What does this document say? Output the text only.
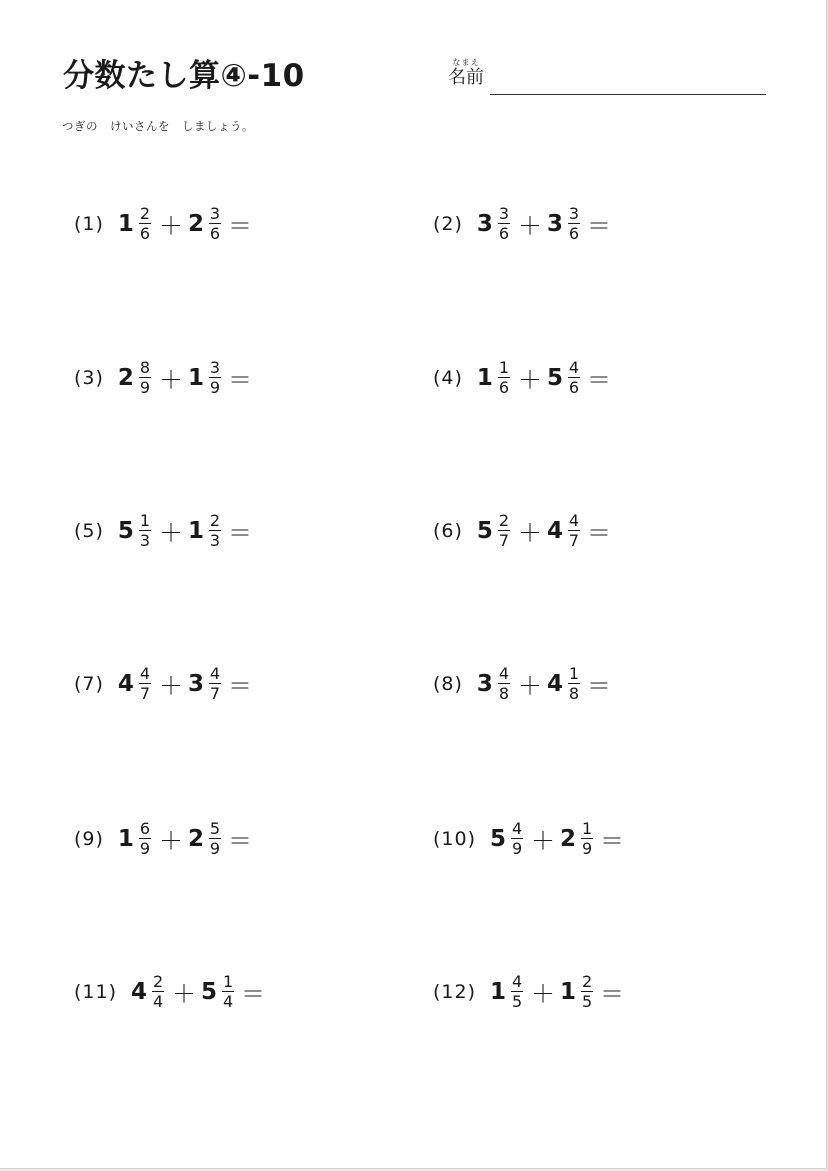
分数たし算④-10	なまえ
名前
つぎの　けいさんを　しましょう。
(1) $1 \frac{2}{6} + 2 \frac{3}{6}$ ＝	(2) $3 \frac{3}{6} + 3 \frac{3}{6}$ ＝
(3) $2 \frac{8}{9} + 1 \frac{3}{9}$ ＝	(4) $1 \frac{1}{6} + 5 \frac{4}{6}$ ＝
(5) $5 \frac{1}{3} + 1 \frac{2}{3}$ ＝	(6) $5 \frac{2}{7} + 4 \frac{4}{7}$ ＝
(7) $4 \frac{4}{7} + 3 \frac{4}{7}$ ＝	(8) $3 \frac{4}{8} + 4 \frac{1}{8}$ ＝
(9) $1 \frac{6}{9} + 2 \frac{5}{9}$ ＝	(10) $5 \frac{4}{9} + 2 \frac{1}{9}$ ＝
(11) $4 \frac{2}{4} + 5 \frac{1}{4}$ ＝	(12) $1 \frac{4}{5} + 1 \frac{2}{5}$ ＝
